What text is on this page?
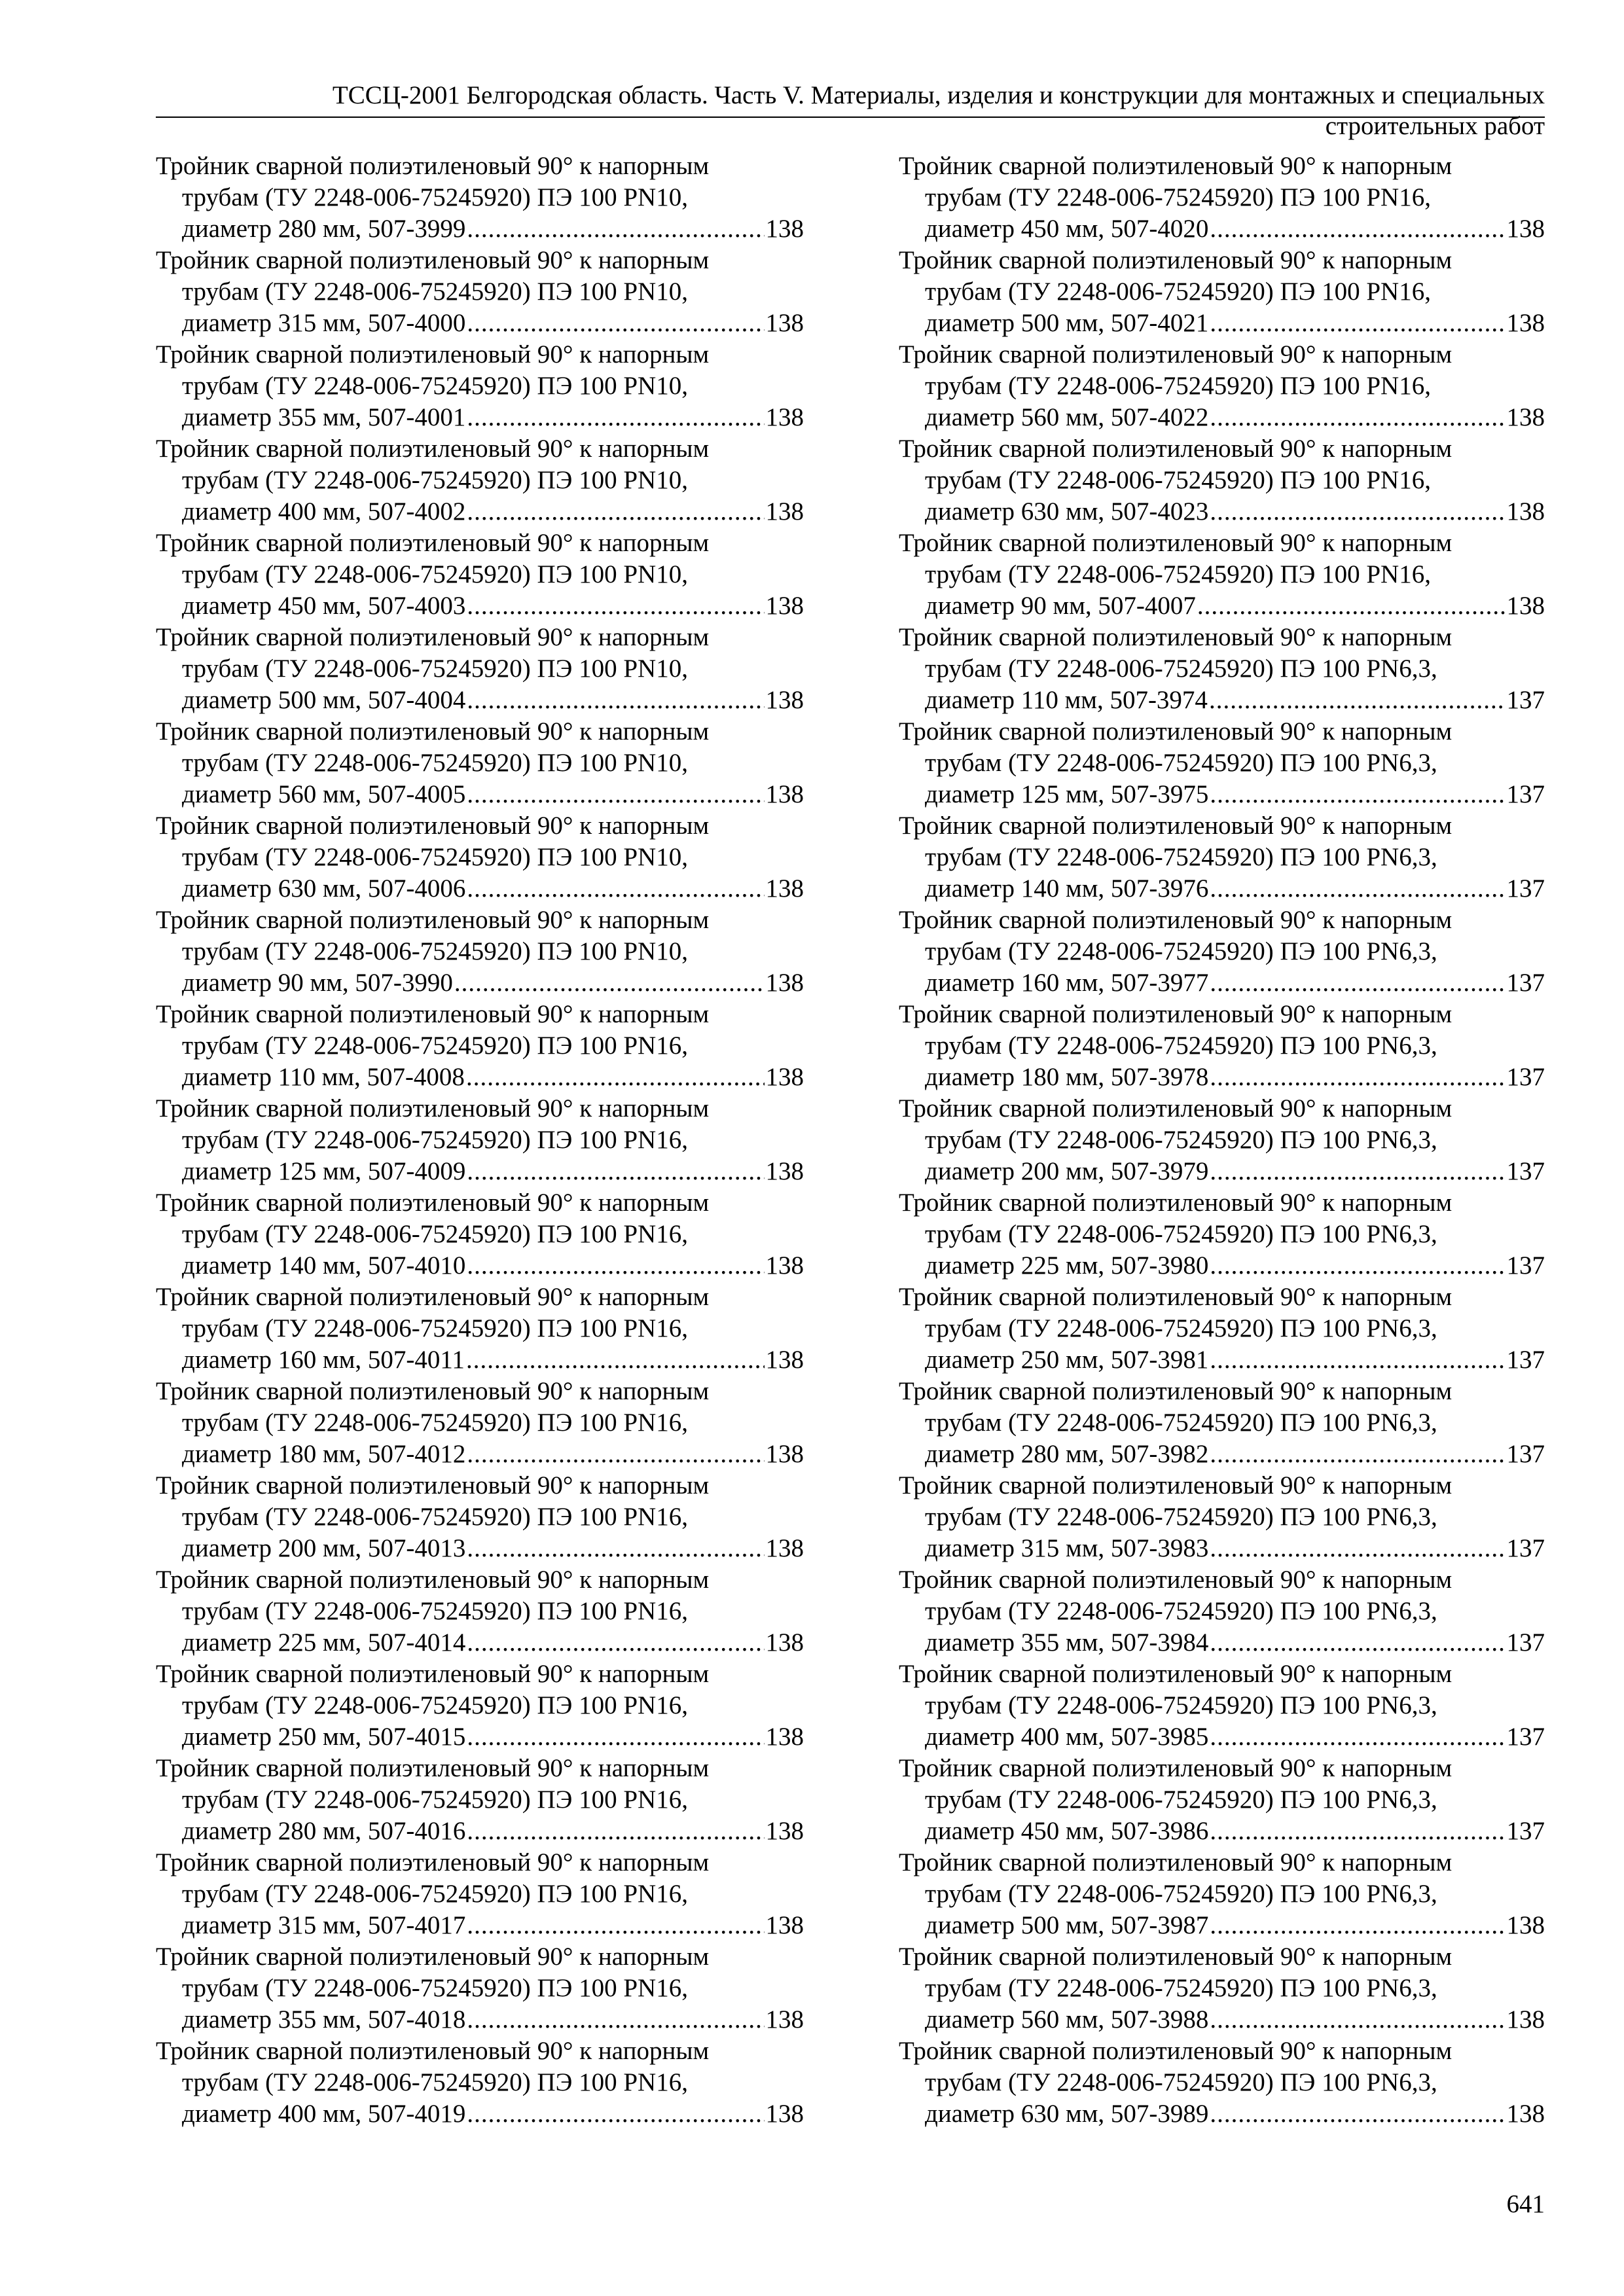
ТССЦ-2001 Белгородская область. Часть V. Материалы, изделия и конструкции для монтажных и специальных
строительных работ
Тройник сварной полиэтиленовый 90° к напорным
трубам (ТУ 2248-006-75245920) ПЭ 100 PN10,
диаметр 280 мм, 507-3999 .....	138
Тройник сварной полиэтиленовый 90° к напорным
трубам (ТУ 2248-006-75245920) ПЭ 100 PN10,
диаметр 315 мм, 507-4000 .....	138
Тройник сварной полиэтиленовый 90° к напорным
трубам (ТУ 2248-006-75245920) ПЭ 100 PN10,
диаметр 355 мм, 507-4001 .....	138
Тройник сварной полиэтиленовый 90° к напорным
трубам (ТУ 2248-006-75245920) ПЭ 100 PN10,
диаметр 400 мм, 507-4002 .....	138
Тройник сварной полиэтиленовый 90° к напорным
трубам (ТУ 2248-006-75245920) ПЭ 100 PN10,
диаметр 450 мм, 507-4003 .....	138
Тройник сварной полиэтиленовый 90° к напорным
трубам (ТУ 2248-006-75245920) ПЭ 100 PN10,
диаметр 500 мм, 507-4004 .....	138
Тройник сварной полиэтиленовый 90° к напорным
трубам (ТУ 2248-006-75245920) ПЭ 100 PN10,
диаметр 560 мм, 507-4005 .....	138
Тройник сварной полиэтиленовый 90° к напорным
трубам (ТУ 2248-006-75245920) ПЭ 100 PN10,
диаметр 630 мм, 507-4006 .....	138
Тройник сварной полиэтиленовый 90° к напорным
трубам (ТУ 2248-006-75245920) ПЭ 100 PN10,
диаметр 90 мм, 507-3990 .....	138
Тройник сварной полиэтиленовый 90° к напорным
трубам (ТУ 2248-006-75245920) ПЭ 100 PN16,
диаметр 110 мм, 507-4008 .....	138
Тройник сварной полиэтиленовый 90° к напорным
трубам (ТУ 2248-006-75245920) ПЭ 100 PN16,
диаметр 125 мм, 507-4009 .....	138
Тройник сварной полиэтиленовый 90° к напорным
трубам (ТУ 2248-006-75245920) ПЭ 100 PN16,
диаметр 140 мм, 507-4010 .....	138
Тройник сварной полиэтиленовый 90° к напорным
трубам (ТУ 2248-006-75245920) ПЭ 100 PN16,
диаметр 160 мм, 507-4011 .....	138
Тройник сварной полиэтиленовый 90° к напорным
трубам (ТУ 2248-006-75245920) ПЭ 100 PN16,
диаметр 180 мм, 507-4012 .....	138
Тройник сварной полиэтиленовый 90° к напорным
трубам (ТУ 2248-006-75245920) ПЭ 100 PN16,
диаметр 200 мм, 507-4013 .....	138
Тройник сварной полиэтиленовый 90° к напорным
трубам (ТУ 2248-006-75245920) ПЭ 100 PN16,
диаметр 225 мм, 507-4014 .....	138
Тройник сварной полиэтиленовый 90° к напорным
трубам (ТУ 2248-006-75245920) ПЭ 100 PN16,
диаметр 250 мм, 507-4015 .....	138
Тройник сварной полиэтиленовый 90° к напорным
трубам (ТУ 2248-006-75245920) ПЭ 100 PN16,
диаметр 280 мм, 507-4016 .....	138
Тройник сварной полиэтиленовый 90° к напорным
трубам (ТУ 2248-006-75245920) ПЭ 100 PN16,
диаметр 315 мм, 507-4017 .....	138
Тройник сварной полиэтиленовый 90° к напорным
трубам (ТУ 2248-006-75245920) ПЭ 100 PN16,
диаметр 355 мм, 507-4018 .....	138
Тройник сварной полиэтиленовый 90° к напорным
трубам (ТУ 2248-006-75245920) ПЭ 100 PN16,
диаметр 400 мм, 507-4019 .....	138
Тройник сварной полиэтиленовый 90° к напорным
трубам (ТУ 2248-006-75245920) ПЭ 100 PN16,
диаметр 450 мм, 507-4020 .....	138
Тройник сварной полиэтиленовый 90° к напорным
трубам (ТУ 2248-006-75245920) ПЭ 100 PN16,
диаметр 500 мм, 507-4021 .....	138
Тройник сварной полиэтиленовый 90° к напорным
трубам (ТУ 2248-006-75245920) ПЭ 100 PN16,
диаметр 560 мм, 507-4022 .....	138
Тройник сварной полиэтиленовый 90° к напорным
трубам (ТУ 2248-006-75245920) ПЭ 100 PN16,
диаметр 630 мм, 507-4023 .....	138
Тройник сварной полиэтиленовый 90° к напорным
трубам (ТУ 2248-006-75245920) ПЭ 100 PN16,
диаметр 90 мм, 507-4007 .....	138
Тройник сварной полиэтиленовый 90° к напорным
трубам (ТУ 2248-006-75245920) ПЭ 100 PN6,3,
диаметр 110 мм, 507-3974 .....	137
Тройник сварной полиэтиленовый 90° к напорным
трубам (ТУ 2248-006-75245920) ПЭ 100 PN6,3,
диаметр 125 мм, 507-3975 .....	137
Тройник сварной полиэтиленовый 90° к напорным
трубам (ТУ 2248-006-75245920) ПЭ 100 PN6,3,
диаметр 140 мм, 507-3976 .....	137
Тройник сварной полиэтиленовый 90° к напорным
трубам (ТУ 2248-006-75245920) ПЭ 100 PN6,3,
диаметр 160 мм, 507-3977 .....	137
Тройник сварной полиэтиленовый 90° к напорным
трубам (ТУ 2248-006-75245920) ПЭ 100 PN6,3,
диаметр 180 мм, 507-3978 .....	137
Тройник сварной полиэтиленовый 90° к напорным
трубам (ТУ 2248-006-75245920) ПЭ 100 PN6,3,
диаметр 200 мм, 507-3979 .....	137
Тройник сварной полиэтиленовый 90° к напорным
трубам (ТУ 2248-006-75245920) ПЭ 100 PN6,3,
диаметр 225 мм, 507-3980 .....	137
Тройник сварной полиэтиленовый 90° к напорным
трубам (ТУ 2248-006-75245920) ПЭ 100 PN6,3,
диаметр 250 мм, 507-3981 .....	137
Тройник сварной полиэтиленовый 90° к напорным
трубам (ТУ 2248-006-75245920) ПЭ 100 PN6,3,
диаметр 280 мм, 507-3982 .....	137
Тройник сварной полиэтиленовый 90° к напорным
трубам (ТУ 2248-006-75245920) ПЭ 100 PN6,3,
диаметр 315 мм, 507-3983 .....	137
Тройник сварной полиэтиленовый 90° к напорным
трубам (ТУ 2248-006-75245920) ПЭ 100 PN6,3,
диаметр 355 мм, 507-3984 .....	137
Тройник сварной полиэтиленовый 90° к напорным
трубам (ТУ 2248-006-75245920) ПЭ 100 PN6,3,
диаметр 400 мм, 507-3985 .....	137
Тройник сварной полиэтиленовый 90° к напорным
трубам (ТУ 2248-006-75245920) ПЭ 100 PN6,3,
диаметр 450 мм, 507-3986 .....	137
Тройник сварной полиэтиленовый 90° к напорным
трубам (ТУ 2248-006-75245920) ПЭ 100 PN6,3,
диаметр 500 мм, 507-3987 .....	138
Тройник сварной полиэтиленовый 90° к напорным
трубам (ТУ 2248-006-75245920) ПЭ 100 PN6,3,
диаметр 560 мм, 507-3988 .....	138
Тройник сварной полиэтиленовый 90° к напорным
трубам (ТУ 2248-006-75245920) ПЭ 100 PN6,3,
диаметр 630 мм, 507-3989 .....	138
641
